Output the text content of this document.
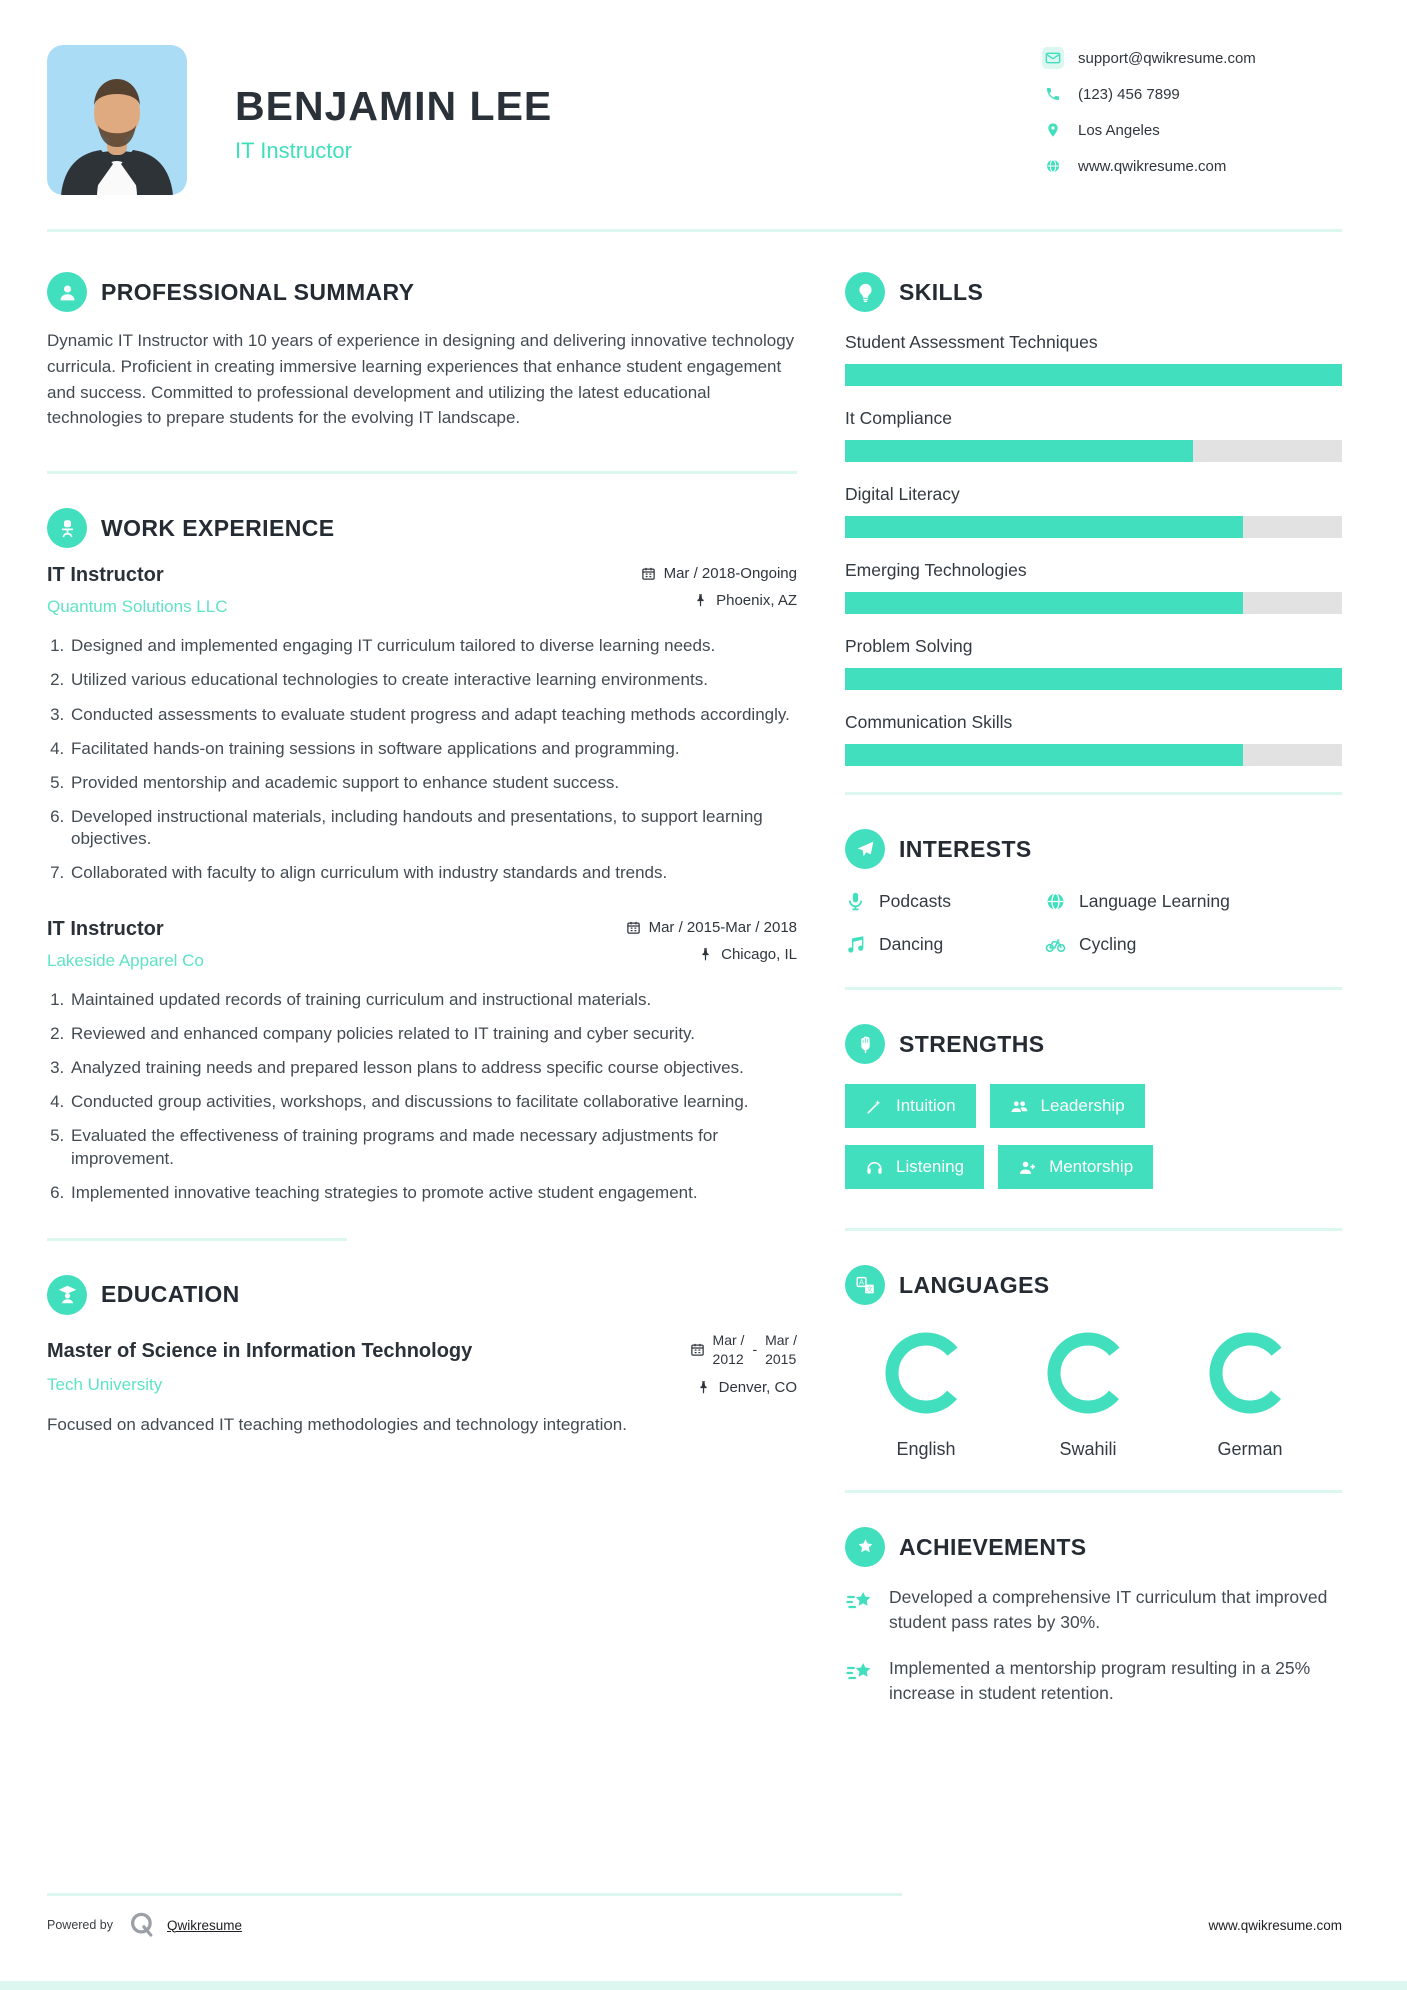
BENJAMIN LEE
IT Instructor
support@qwikresume.com
(123) 456 7899
Los Angeles
www.qwikresume.com
PROFESSIONAL SUMMARY

Dynamic IT Instructor with 10 years of experience in designing and delivering innovative technology curricula. Proficient in creating immersive learning experiences that enhance student engagement and success. Committed to professional development and utilizing the latest educational technologies to prepare students for the evolving IT landscape.

WORK EXPERIENCE
IT Instructor
Quantum Solutions LLC
Mar / 2018-Ongoing
Phoenix, AZ
1. Designed and implemented engaging IT curriculum tailored to diverse learning needs.
2. Utilized various educational technologies to create interactive learning environments.
3. Conducted assessments to evaluate student progress and adapt teaching methods accordingly.
4. Facilitated hands-on training sessions in software applications and programming.
5. Provided mentorship and academic support to enhance student success.
6. Developed instructional materials, including handouts and presentations, to support learning objectives.
7. Collaborated with faculty to align curriculum with industry standards and trends.
IT Instructor
Lakeside Apparel Co
Mar / 2015-Mar / 2018
Chicago, IL
1. Maintained updated records of training curriculum and instructional materials.
2. Reviewed and enhanced company policies related to IT training and cyber security.
3. Analyzed training needs and prepared lesson plans to address specific course objectives.
4. Conducted group activities, workshops, and discussions to facilitate collaborative learning.
5. Evaluated the effectiveness of training programs and made necessary adjustments for improvement.
6. Implemented innovative teaching strategies to promote active student engagement.
EDUCATION
Master of Science in Information Technology
Tech University
Mar /
2012
-
Mar /
2015
Denver, CO

Focused on advanced IT teaching methodologies and technology integration.

SKILLS
Student Assessment Techniques
It Compliance
Digital Literacy
Emerging Technologies
Problem Solving
Communication Skills
INTERESTS
Podcasts	Language Learning
Dancing	Cycling
STRENGTHS
Intuition	Leadership

Listening	Mentorship
A
文 LANGUAGES
English	Swahili	German
ACHIEVEMENTS
Developed a comprehensive IT curriculum that improved student pass rates by 30%.
Implemented a mentorship program resulting in a 25% increase in student retention.
Powered by	Qwikresume	www.qwikresume.com
